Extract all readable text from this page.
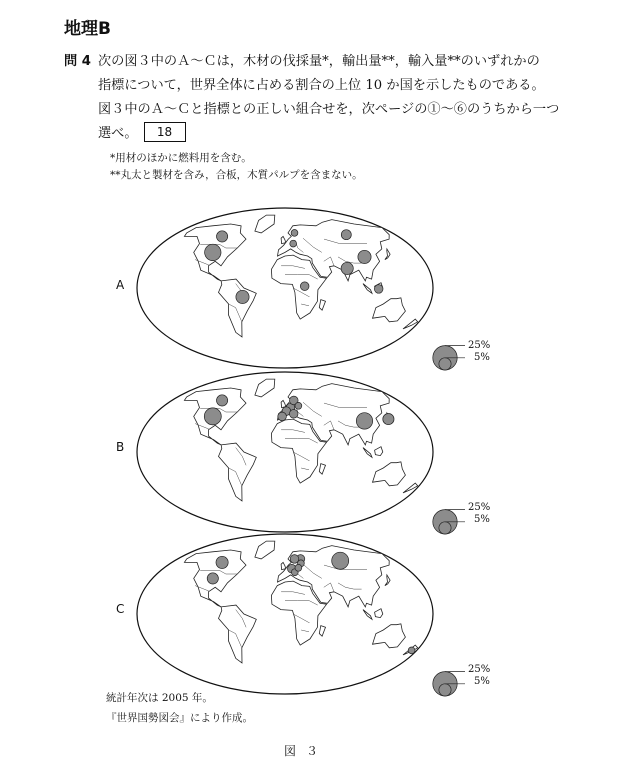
地理B
問 4 次の図３中のＡ～Ｃは，木材の伐採量*，輸出量**，輸入量**のいずれかの
指標について，世界全体に占める割合の上位 10 か国を示したものである。
図３中のＡ～Ｃと指標との正しい組合せを，次ページの①～⑥のうちから一つ
選べ。 18
*用材のほかに燃料用を含む。
**丸太と製材を含み，合板，木質パルプを含まない。
A
25%
5%
B
25%
5%
C
25%
5%
統計年次は 2005 年。
『世界国勢図会』により作成。
図３
